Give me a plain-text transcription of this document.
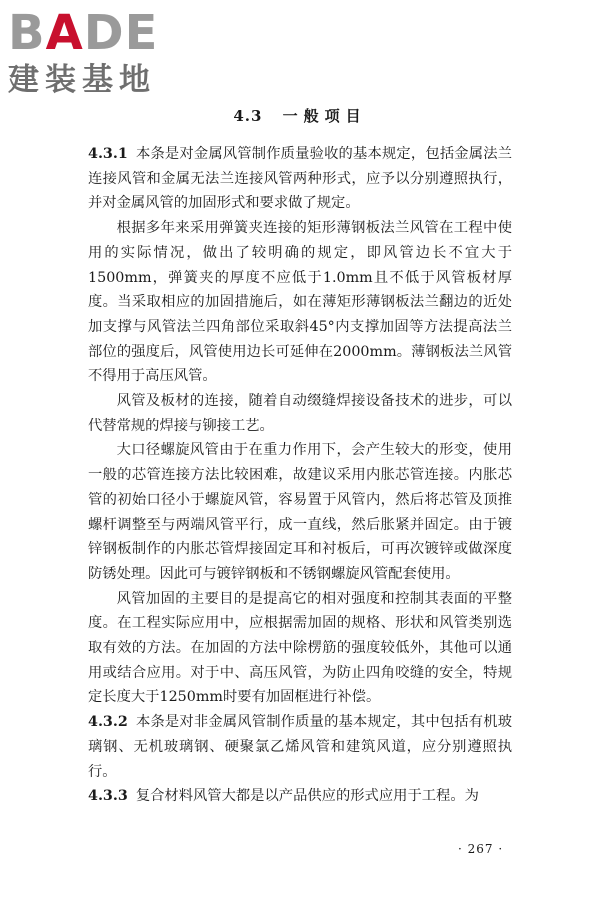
B A DE
建装基地
4.3 一般项目

4.3.1 本条是对金属风管制作质量验收的基本规定，包括金属法兰连接风管和金属无法兰连接风管两种形式，应予以分别遵照执行，并对金属风管的加固形式和要求做了规定。

根据多年来采用弹簧夹连接的矩形薄钢板法兰风管在工程中使用的实际情况，做出了较明确的规定，即风管边长不宜大于1500mm，弹簧夹的厚度不应低于1.0mm且不低于风管板材厚度。当采取相应的加固措施后，如在薄矩形薄钢板法兰翻边的近处加支撑与风管法兰四角部位采取斜45°内支撑加固等方法提高法兰部位的强度后，风管使用边长可延伸在2000mm。薄钢板法兰风管不得用于高压风管。

风管及板材的连接，随着自动缀缝焊接设备技术的进步，可以代替常规的焊接与铆接工艺。

大口径螺旋风管由于在重力作用下，会产生较大的形变，使用一般的芯管连接方法比较困难，故建议采用内胀芯管连接。内胀芯管的初始口径小于螺旋风管，容易置于风管内，然后将芯管及顶推螺杆调整至与两端风管平行，成一直线，然后胀紧并固定。由于镀锌钢板制作的内胀芯管焊接固定耳和衬板后，可再次镀锌或做深度防锈处理。因此可与镀锌钢板和不锈钢螺旋风管配套使用。

风管加固的主要目的是提高它的相对强度和控制其表面的平整度。在工程实际应用中，应根据需加固的规格、形状和风管类别选取有效的方法。在加固的方法中除楞筋的强度较低外，其他可以通用或结合应用。对于中、高压风管，为防止四角咬缝的安全，特规定长度大于1250mm时要有加固框进行补偿。

4.3.2 本条是对非金属风管制作质量的基本规定，其中包括有机玻璃钢、无机玻璃钢、硬聚氯乙烯风管和建筑风道，应分别遵照执行。

4.3.3 复合材料风管大都是以产品供应的形式应用于工程。为

· 267 ·
